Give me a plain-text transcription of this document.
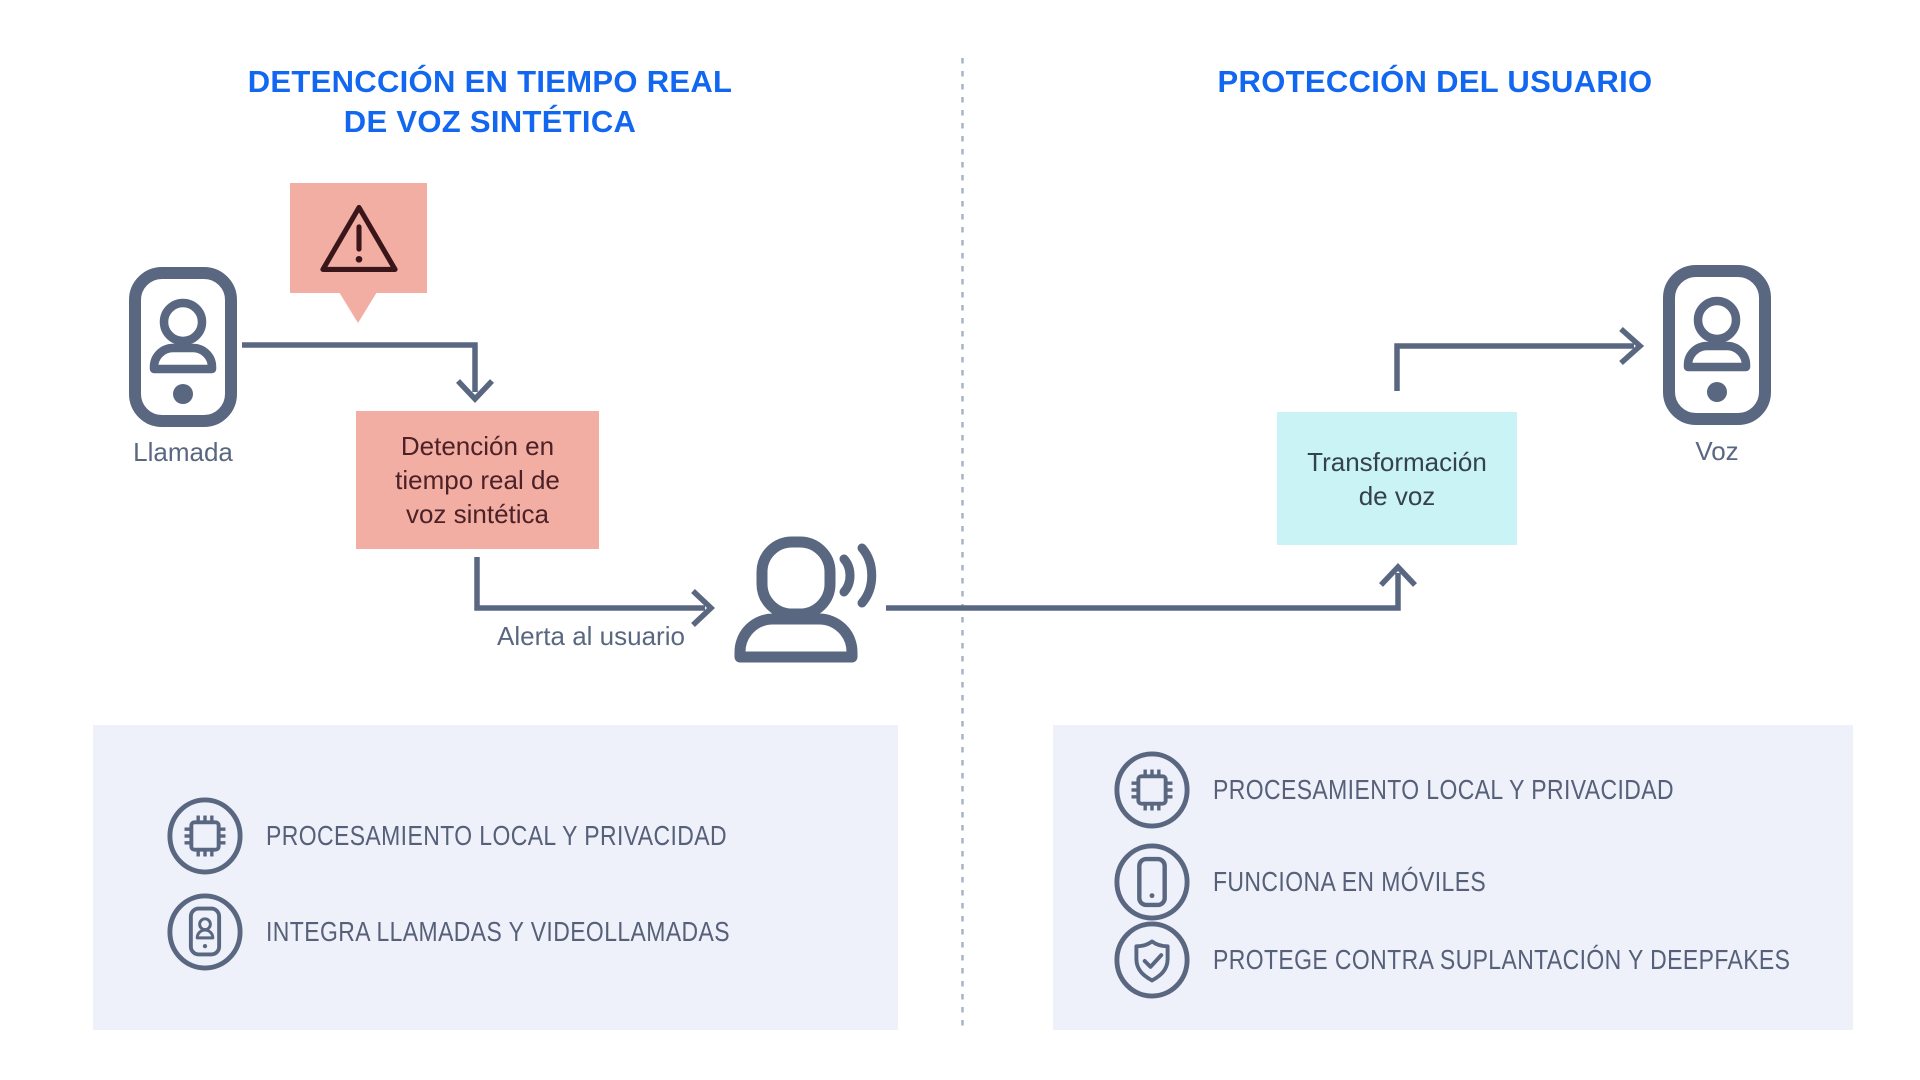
DETENCCIÓN EN TIEMPO REAL
DE VOZ SINTÉTICA
PROTECCIÓN DEL USUARIO
Llamada	Detención en tiempo real de voz sintética
Alerta al usuario
Transformación de voz
Voz
PROCESAMIENTO LOCAL Y PRIVACIDAD
INTEGRA LLAMADAS Y VIDEOLLAMADAS
PROCESAMIENTO LOCAL Y PRIVACIDAD
FUNCIONA EN MÓVILES
PROTEGE CONTRA SUPLANTACIÓN Y DEEPFAKES
